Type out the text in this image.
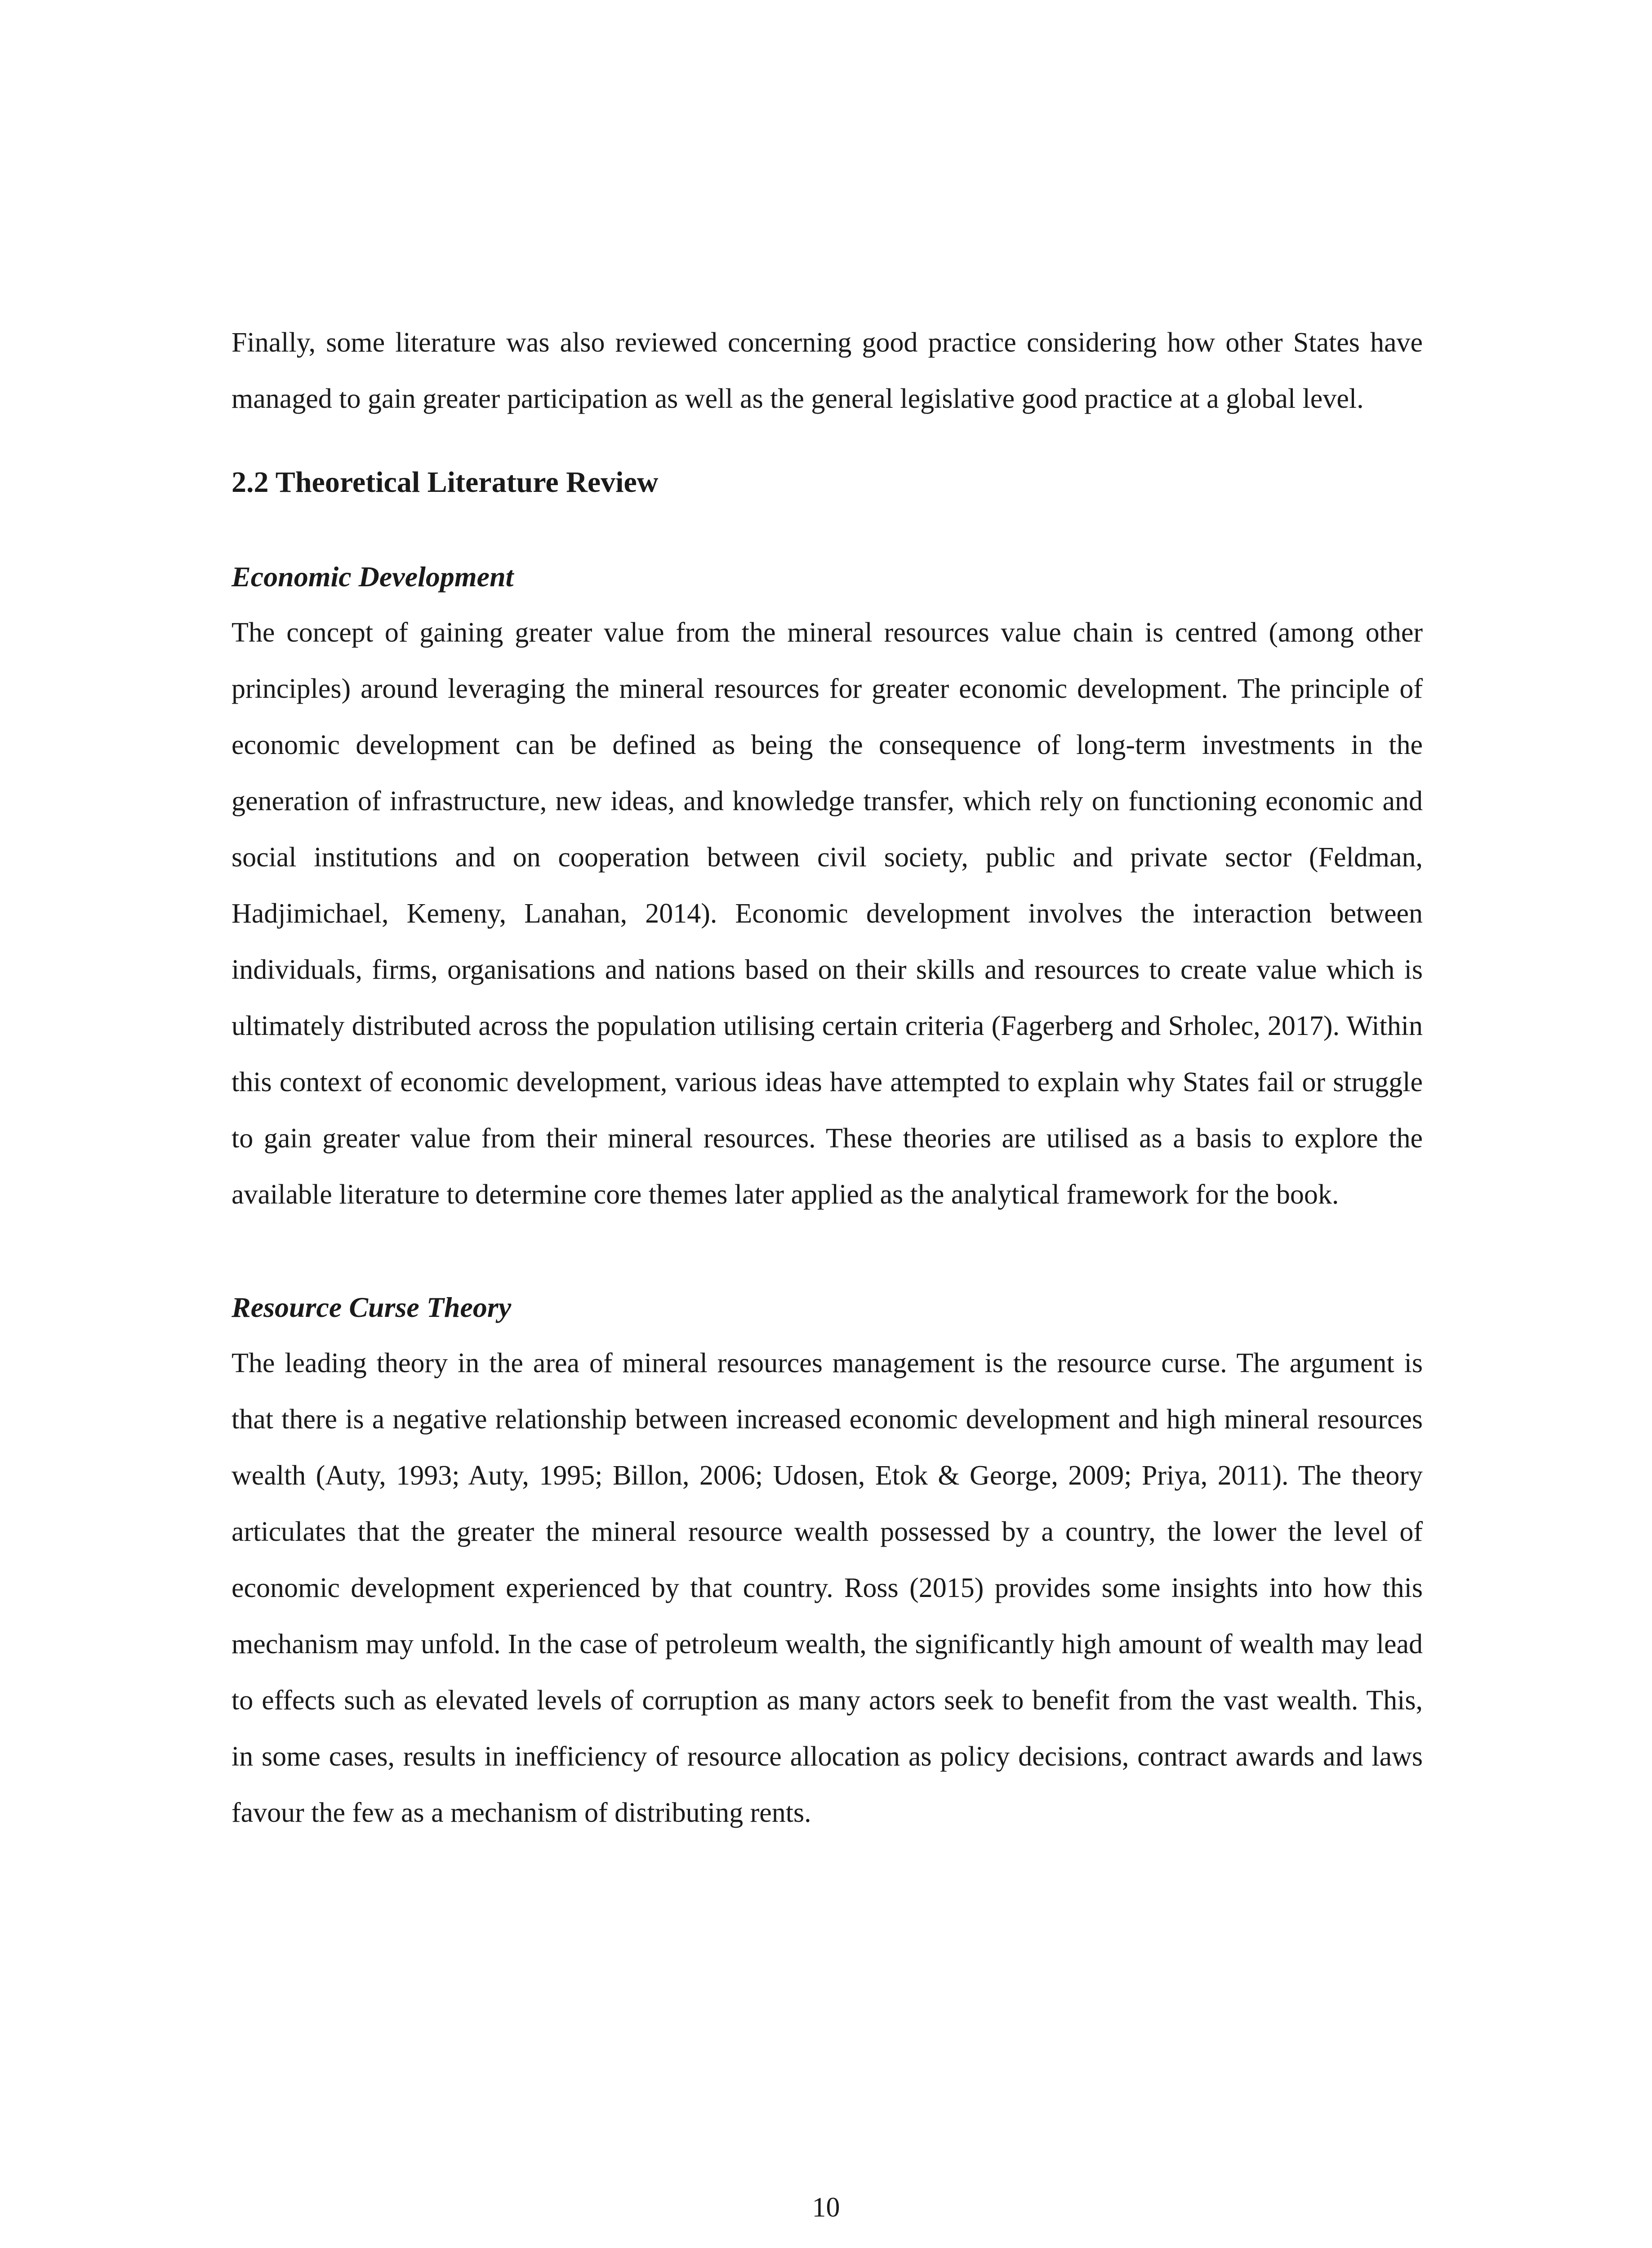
Finally, some literature was also reviewed concerning good practice considering how other States have managed to gain greater participation as well as the general legislative good practice at a global level.

2.2 Theoretical Literature Review
Economic Development

The concept of gaining greater value from the mineral resources value chain is centred (among other principles) around leveraging the mineral resources for greater economic development. The principle of economic development can be defined as being the consequence of long-term investments in the generation of infrastructure, new ideas, and knowledge transfer, which rely on functioning economic and social institutions and on cooperation between civil society, public and private sector (Feldman, Hadjimichael, Kemeny, Lanahan, 2014). Economic development involves the interaction between individuals, firms, organisations and nations based on their skills and resources to create value which is ultimately distributed across the population utilising certain criteria (Fagerberg and Srholec, 2017). Within this context of economic development, various ideas have attempted to explain why States fail or struggle to gain greater value from their mineral resources. These theories are utilised as a basis to explore the available literature to determine core themes later applied as the analytical framework for the book.

Resource Curse Theory

The leading theory in the area of mineral resources management is the resource curse. The argument is that there is a negative relationship between increased economic development and high mineral resources wealth (Auty, 1993; Auty, 1995; Billon, 2006; Udosen, Etok & George, 2009; Priya, 2011). The theory articulates that the greater the mineral resource wealth possessed by a country, the lower the level of economic development experienced by that country. Ross (2015) provides some insights into how this mechanism may unfold. In the case of petroleum wealth, the significantly high amount of wealth may lead to effects such as elevated levels of corruption as many actors seek to benefit from the vast wealth. This, in some cases, results in inefficiency of resource allocation as policy decisions, contract awards and laws favour the few as a mechanism of distributing rents.

10
